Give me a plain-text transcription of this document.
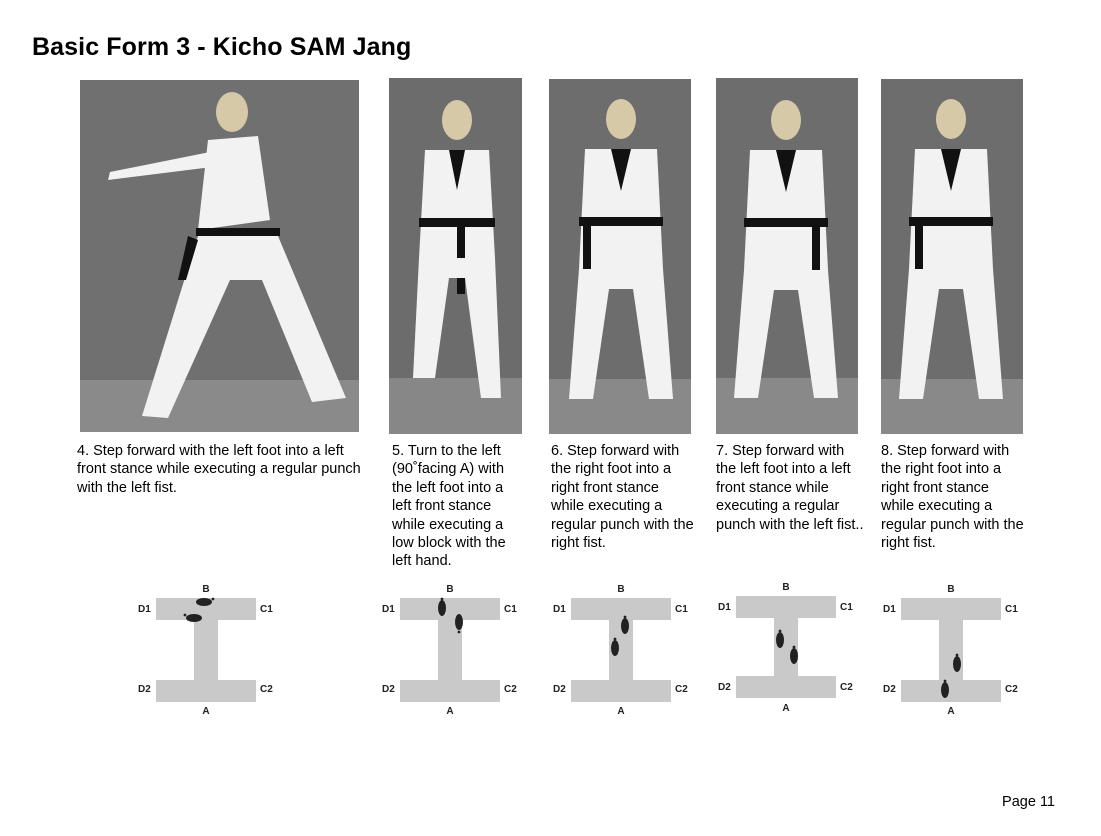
Basic Form 3 - Kicho SAM Jang

4. Step forward with the left foot into a left front stance while executing a regular punch with the left fist.

5. Turn to the left (90˚facing A) with the left foot into a left front stance while executing a low block with the left hand.

6. Step forward with the right foot into a right front stance while executing a regular punch with the right fist.

7. Step forward with the left foot into a left front stance while executing a regular punch with the left fist..

8. Step forward with the right foot into a right front stance while executing a regular punch with the right fist.

B
A
D1	C1
D2	C2
B
A
D1	C1
D2	C2
B
A
D1	C1
D2	C2
B
A
D1	C1
D2	C2
B
A
D1	C1
D2	C2

Page 11
